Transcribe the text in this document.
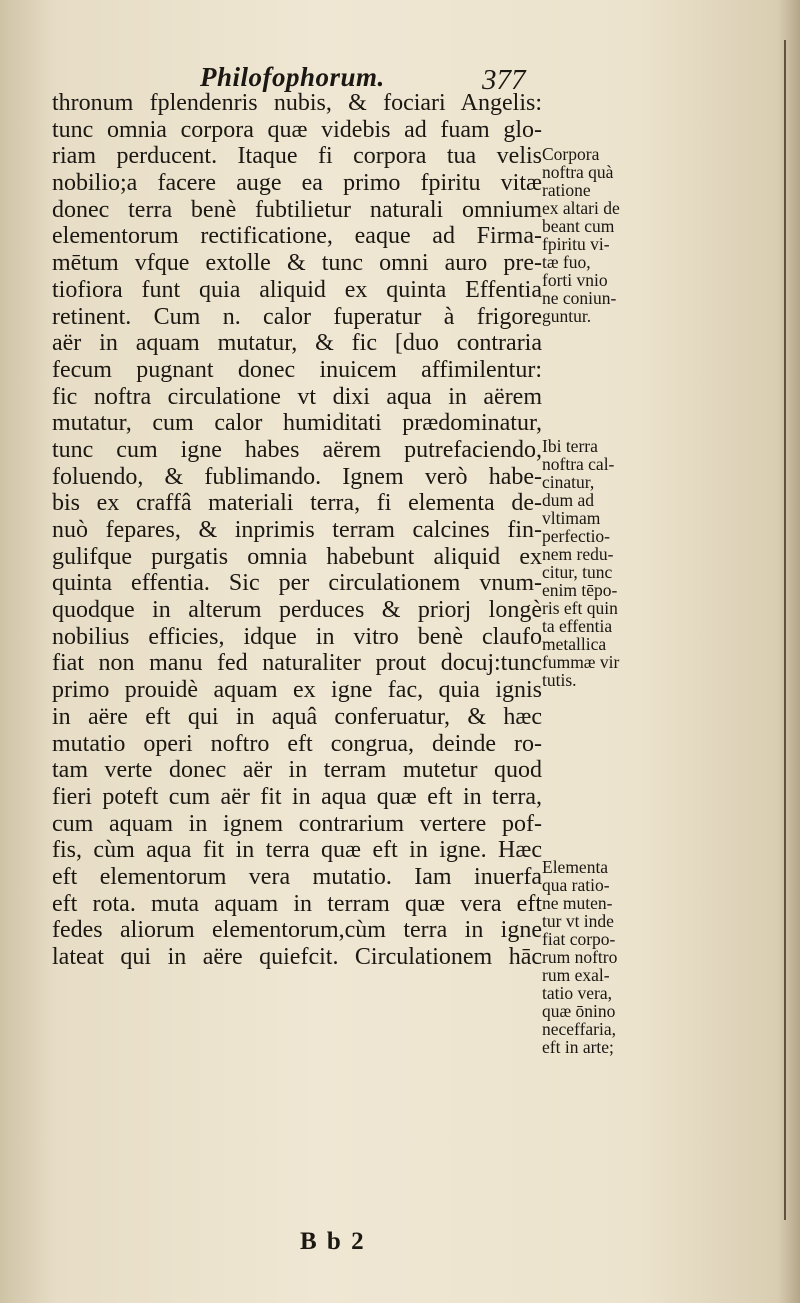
Philofophorum.	377
thronum fplendenris nubis, & fociari Angelis:
tunc omnia corpora quæ videbis ad fuam glo-
riam perducent. Itaque fi corpora tua velis
nobilio;a facere auge ea primo fpiritu vitæ
donec terra benè fubtilietur naturali omnium
elementorum rectificatione, eaque ad Firma-
mētum vfque extolle & tunc omni auro pre-
tiofiora funt quia aliquid ex quinta Effentia
retinent. Cum n. calor fuperatur à frigore
aër in aquam mutatur, & fic [duo contraria
fecum pugnant donec inuicem affimilentur:
fic noftra circulatione vt dixi aqua in aërem
mutatur, cum calor humiditati prædominatur,
tunc cum igne habes aërem putrefaciendo,
foluendo, & fublimando. Ignem verò habe-
bis ex craffâ materiali terra, fi elementa de-
nuò fepares, & inprimis terram calcines fin-
gulifque purgatis omnia habebunt aliquid ex
quinta effentia. Sic per circulationem vnum-
quodque in alterum perduces & priorj longè
nobilius efficies, idque in vitro benè claufo
fiat non manu fed naturaliter prout docuj:tunc
primo prouidè aquam ex igne fac, quia ignis
in aëre eft qui in aquâ conferuatur, & hæc
mutatio operi noftro eft congrua, deinde ro-
tam verte donec aër in terram mutetur quod
fieri poteft cum aër fit in aqua quæ eft in terra,
cum aquam in ignem contrarium vertere pof-
fis, cùm aqua fit in terra quæ eft in igne. Hæc
eft elementorum vera mutatio. Iam inuerfa
eft rota. muta aquam in terram quæ vera eft
fedes aliorum elementorum,cùm terra in igne
lateat qui in aëre quiefcit. Circulationem hāc
Corpora
noftra quà
ratione
ex altari de
beant cum
fpiritu vi-
tæ fuo,
forti vnio
ne coniun-
guntur.
Ibi terra
noftra cal-
cinatur,
dum ad
vltimam
perfectio-
nem redu-
citur, tunc
enim tēpo-
ris eft quin
ta effentia
metallica
fummæ vir
tutis.
Elementa
qua ratio-
ne muten-
tur vt inde
fiat corpo-
rum noftro
rum exal-
tatio vera,
quæ ōnino
neceffaria,
eft in arte;
B b 2
